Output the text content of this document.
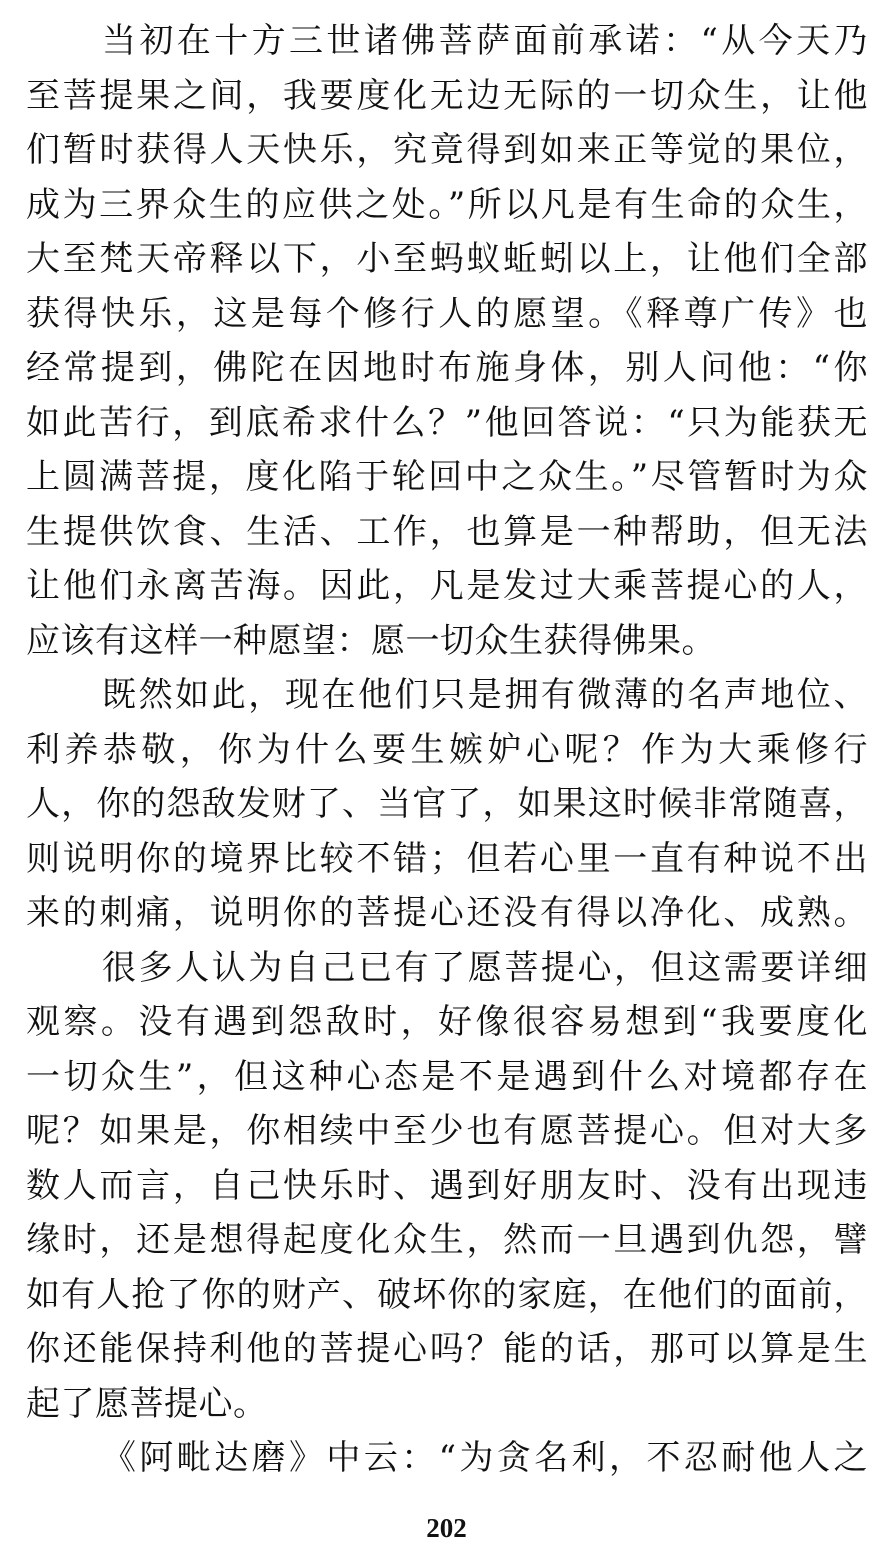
当初在十方三世诸佛菩萨面前承诺：“从今天乃
至菩提果之间，我要度化无边无际的一切众生，让他
们暂时获得人天快乐，究竟得到如来正等觉的果位，
成为三界众生的应供之处。”所以凡是有生命的众生，
大至梵天帝释以下，小至蚂蚁蚯蚓以上，让他们全部
获得快乐，这是每个修行人的愿望。《释尊广传》也
经常提到，佛陀在因地时布施身体，别人问他：“你
如此苦行，到底希求什么？”他回答说：“只为能获无
上圆满菩提，度化陷于轮回中之众生。”尽管暂时为众
生提供饮食、生活、工作，也算是一种帮助，但无法
让他们永离苦海。因此，凡是发过大乘菩提心的人，
应该有这样一种愿望：愿一切众生获得佛果。
既然如此，现在他们只是拥有微薄的名声地位、
利养恭敬，你为什么要生嫉妒心呢？作为大乘修行
人，你的怨敌发财了、当官了，如果这时候非常随喜，
则说明你的境界比较不错；但若心里一直有种说不出
来的刺痛，说明你的菩提心还没有得以净化、成熟。
很多人认为自己已有了愿菩提心，但这需要详细
观察。没有遇到怨敌时，好像很容易想到“我要度化
一切众生”，但这种心态是不是遇到什么对境都存在
呢？如果是，你相续中至少也有愿菩提心。但对大多
数人而言，自己快乐时、遇到好朋友时、没有出现违
缘时，还是想得起度化众生，然而一旦遇到仇怨，譬
如有人抢了你的财产、破坏你的家庭，在他们的面前，
你还能保持利他的菩提心吗？能的话，那可以算是生
起了愿菩提心。
《阿毗达磨》中云：“为贪名利，不忍耐他人之
202
